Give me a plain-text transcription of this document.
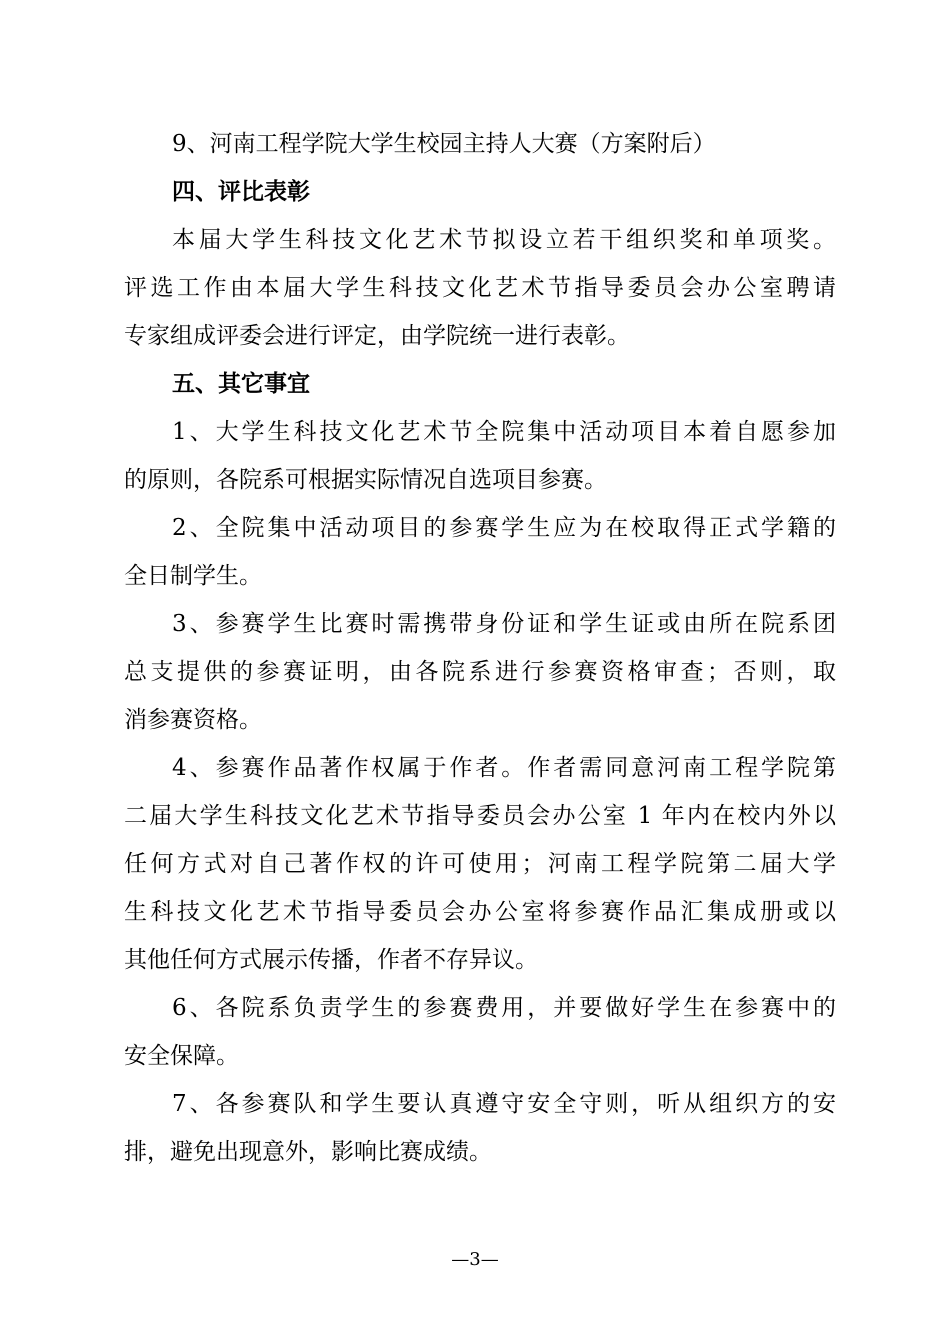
9、河南工程学院大学生校园主持人大赛（方案附后）
四、评比表彰
本届大学生科技文化艺术节拟设立若干组织奖和单项奖。
评选工作由本届大学生科技文化艺术节指导委员会办公室聘请
专家组成评委会进行评定，由学院统一进行表彰。
五、其它事宜
1、大学生科技文化艺术节全院集中活动项目本着自愿参加
的原则，各院系可根据实际情况自选项目参赛。
2、全院集中活动项目的参赛学生应为在校取得正式学籍的
全日制学生。
3、参赛学生比赛时需携带身份证和学生证或由所在院系团
总支提供的参赛证明，由各院系进行参赛资格审查；否则，取
消参赛资格。
4、参赛作品著作权属于作者。作者需同意河南工程学院第
二届大学生科技文化艺术节指导委员会办公室 1 年内在校内外以
任何方式对自己著作权的许可使用；河南工程学院第二届大学
生科技文化艺术节指导委员会办公室将参赛作品汇集成册或以
其他任何方式展示传播，作者不存异议。
6、各院系负责学生的参赛费用，并要做好学生在参赛中的
安全保障。
7、各参赛队和学生要认真遵守安全守则，听从组织方的安
排，避免出现意外，影响比赛成绩。
—3—
